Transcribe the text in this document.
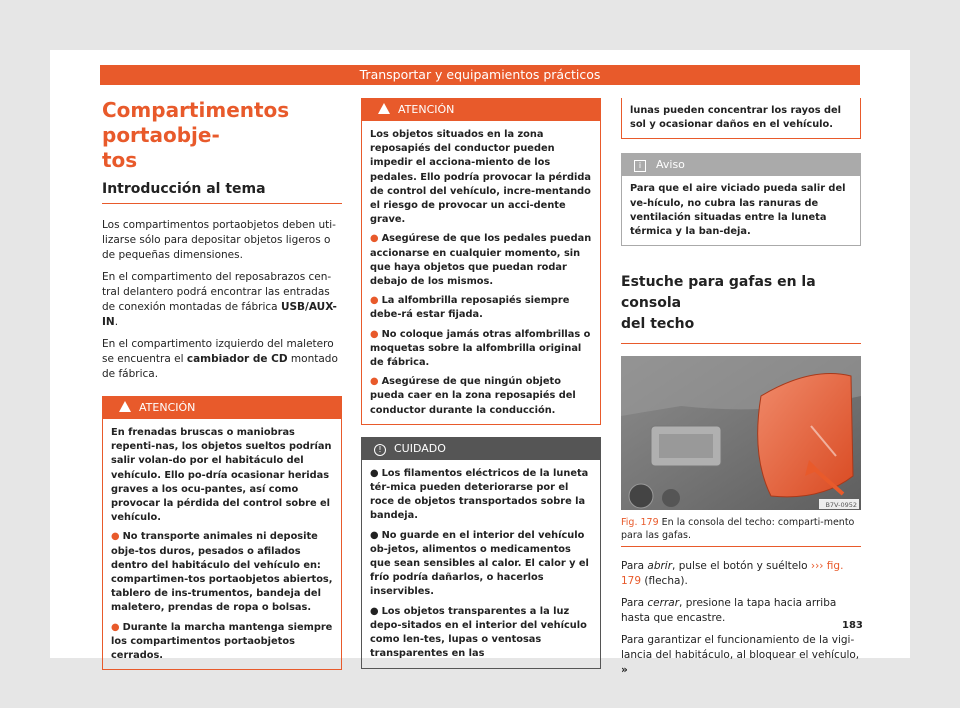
Transportar y equipamientos prácticos
Compartimentos portaobje-
tos
Introducción al tema

Los compartimentos portaobjetos deben uti-lizarse sólo para depositar objetos ligeros o de pequeñas dimensiones.

En el compartimento del reposabrazos cen-tral delantero podrá encontrar las entradas de conexión montadas de fábrica USB/AUX-IN.

En el compartimento izquierdo del maletero se encuentra el cambiador de CD montado de fábrica.

ATENCIÓN
En frenadas bruscas o maniobras repenti-nas, los objetos sueltos podrían salir volan-do por el habitáculo del vehículo. Ello po-dría ocasionar heridas graves a los ocu-pantes, así como provocar la pérdida del control sobre el vehículo.
● No transporte animales ni deposite obje-tos duros, pesados o afilados dentro del habitáculo del vehículo en: compartimen-tos portaobjetos abiertos, tablero de ins-trumentos, bandeja del maletero, prendas de ropa o bolsas.
● Durante la marcha mantenga siempre los compartimentos portaobjetos cerrados.
ATENCIÓN
Los objetos situados en la zona reposapiés del conductor pueden impedir el acciona-miento de los pedales. Ello podría provocar la pérdida de control del vehículo, incre-mentando el riesgo de provocar un acci-dente grave.
● Asegúrese de que los pedales puedan accionarse en cualquier momento, sin que haya objetos que puedan rodar debajo de los mismos.
● La alfombrilla reposapiés siempre debe-rá estar fijada.
● No coloque jamás otras alfombrillas o moquetas sobre la alfombrilla original de fábrica.
● Asegúrese de que ningún objeto pueda caer en la zona reposapiés del conductor durante la conducción.
! CUIDADO
● Los filamentos eléctricos de la luneta tér-mica pueden deteriorarse por el roce de objetos transportados sobre la bandeja.
● No guarde en el interior del vehículo ob-jetos, alimentos o medicamentos que sean sensibles al calor. El calor y el frío podría dañarlos, o hacerlos inservibles.
● Los objetos transparentes a la luz depo-sitados en el interior del vehículo como len-tes, lupas o ventosas transparentes en las
lunas pueden concentrar los rayos del sol y ocasionar daños en el vehículo.
i Aviso
Para que el aire viciado pueda salir del ve-hículo, no cubra las ranuras de ventilación situadas entre la luneta térmica y la ban-deja.
Estuche para gafas en la consola
del techo
B7V-0952
Fig. 179 En la consola del techo: comparti-mento para las gafas.

Para abrir, pulse el botón y suéltelo ››› fig. 179 (flecha).

Para cerrar, presione la tapa hacia arriba hasta que encastre.

Para garantizar el funcionamiento de la vigi-lancia del habitáculo, al bloquear el vehículo, »

183
